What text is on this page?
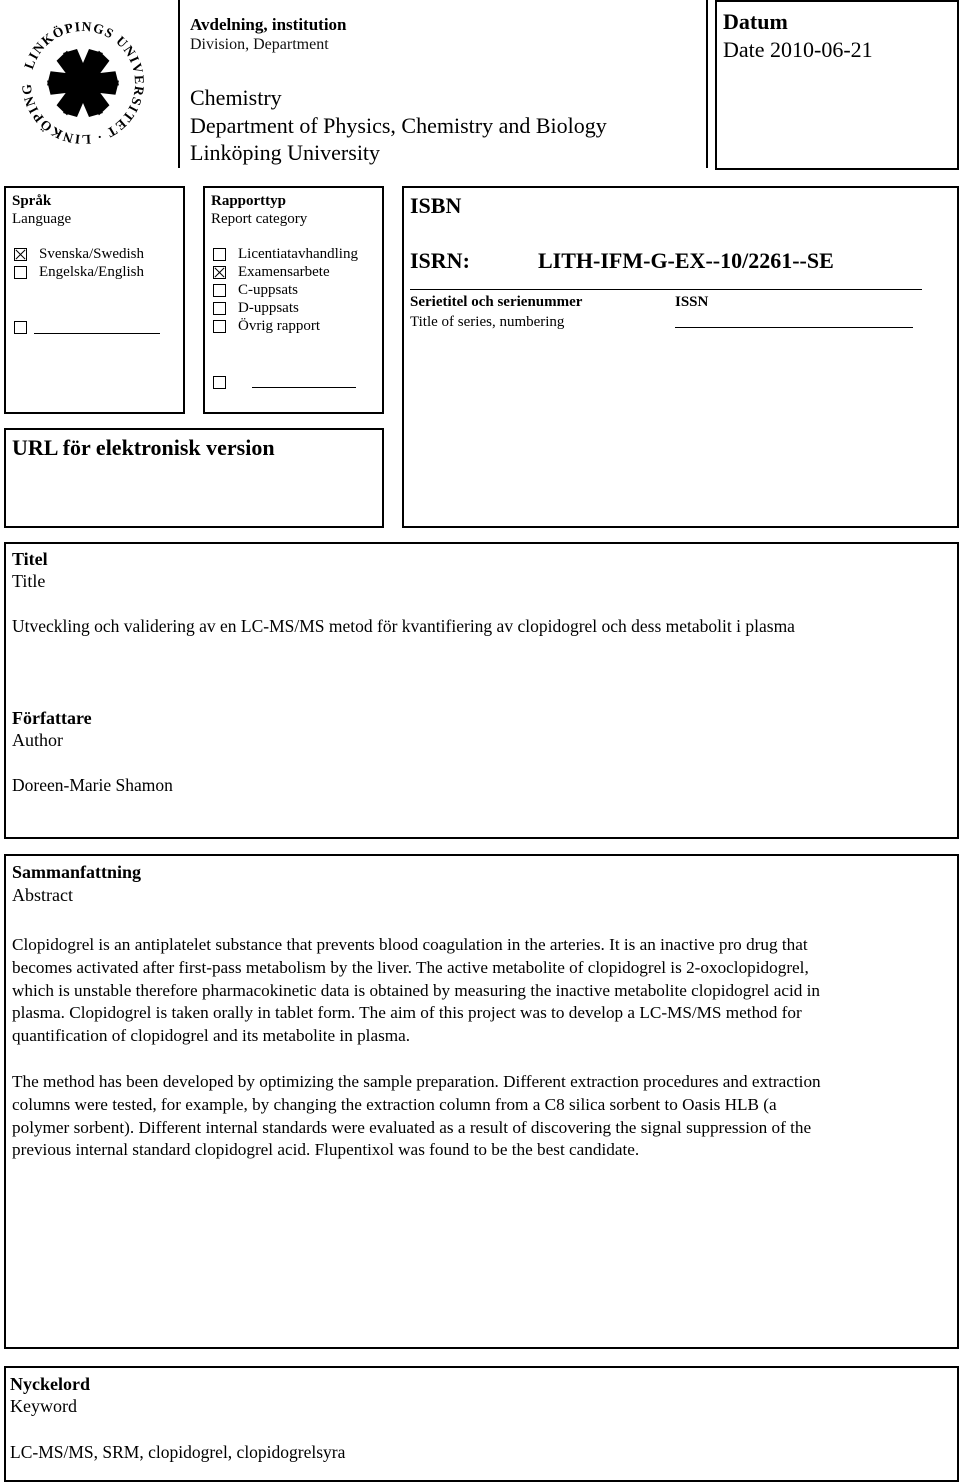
LINKÖPINGS UNIVERSITET · LINKÖPING
Avdelning, institution
Division, Department
Chemistry
Department of Physics, Chemistry and Biology
Linköping University
Datum
Date 2010-06-21
Språk
Language
Svenska/Swedish
Engelska/English
Rapporttyp
Report category
Licentiatavhandling
Examensarbete
C-uppsats
D-uppsats
Övrig rapport
ISBN
ISRN:	LITH-IFM-G-EX--10/2261--SE
Serietitel och serienummer
Title of series, numbering
ISSN
URL för elektronisk version
Titel
Title
Utveckling och validering av en LC-MS/MS metod för kvantifiering av clopidogrel och dess metabolit i plasma
Författare
Author
Doreen-Marie Shamon
Sammanfattning
Abstract
Clopidogrel is an antiplatelet substance that prevents blood coagulation in the arteries. It is an inactive pro drug that
becomes activated after first-pass metabolism by the liver. The active metabolite of clopidogrel is 2-oxoclopidogrel,
which is unstable therefore pharmacokinetic data is obtained by measuring the inactive metabolite clopidogrel acid in
plasma. Clopidogrel is taken orally in tablet form. The aim of this project was to develop a LC-MS/MS method for
quantification of clopidogrel and its metabolite in plasma.
The method has been developed by optimizing the sample preparation. Different extraction procedures and extraction
columns were tested, for example, by changing the extraction column from a C8 silica sorbent to Oasis HLB (a
polymer sorbent). Different internal standards were evaluated as a result of discovering the signal suppression of the
previous internal standard clopidogrel acid. Flupentixol was found to be the best candidate.
Nyckelord
Keyword
LC-MS/MS, SRM, clopidogrel, clopidogrelsyra
